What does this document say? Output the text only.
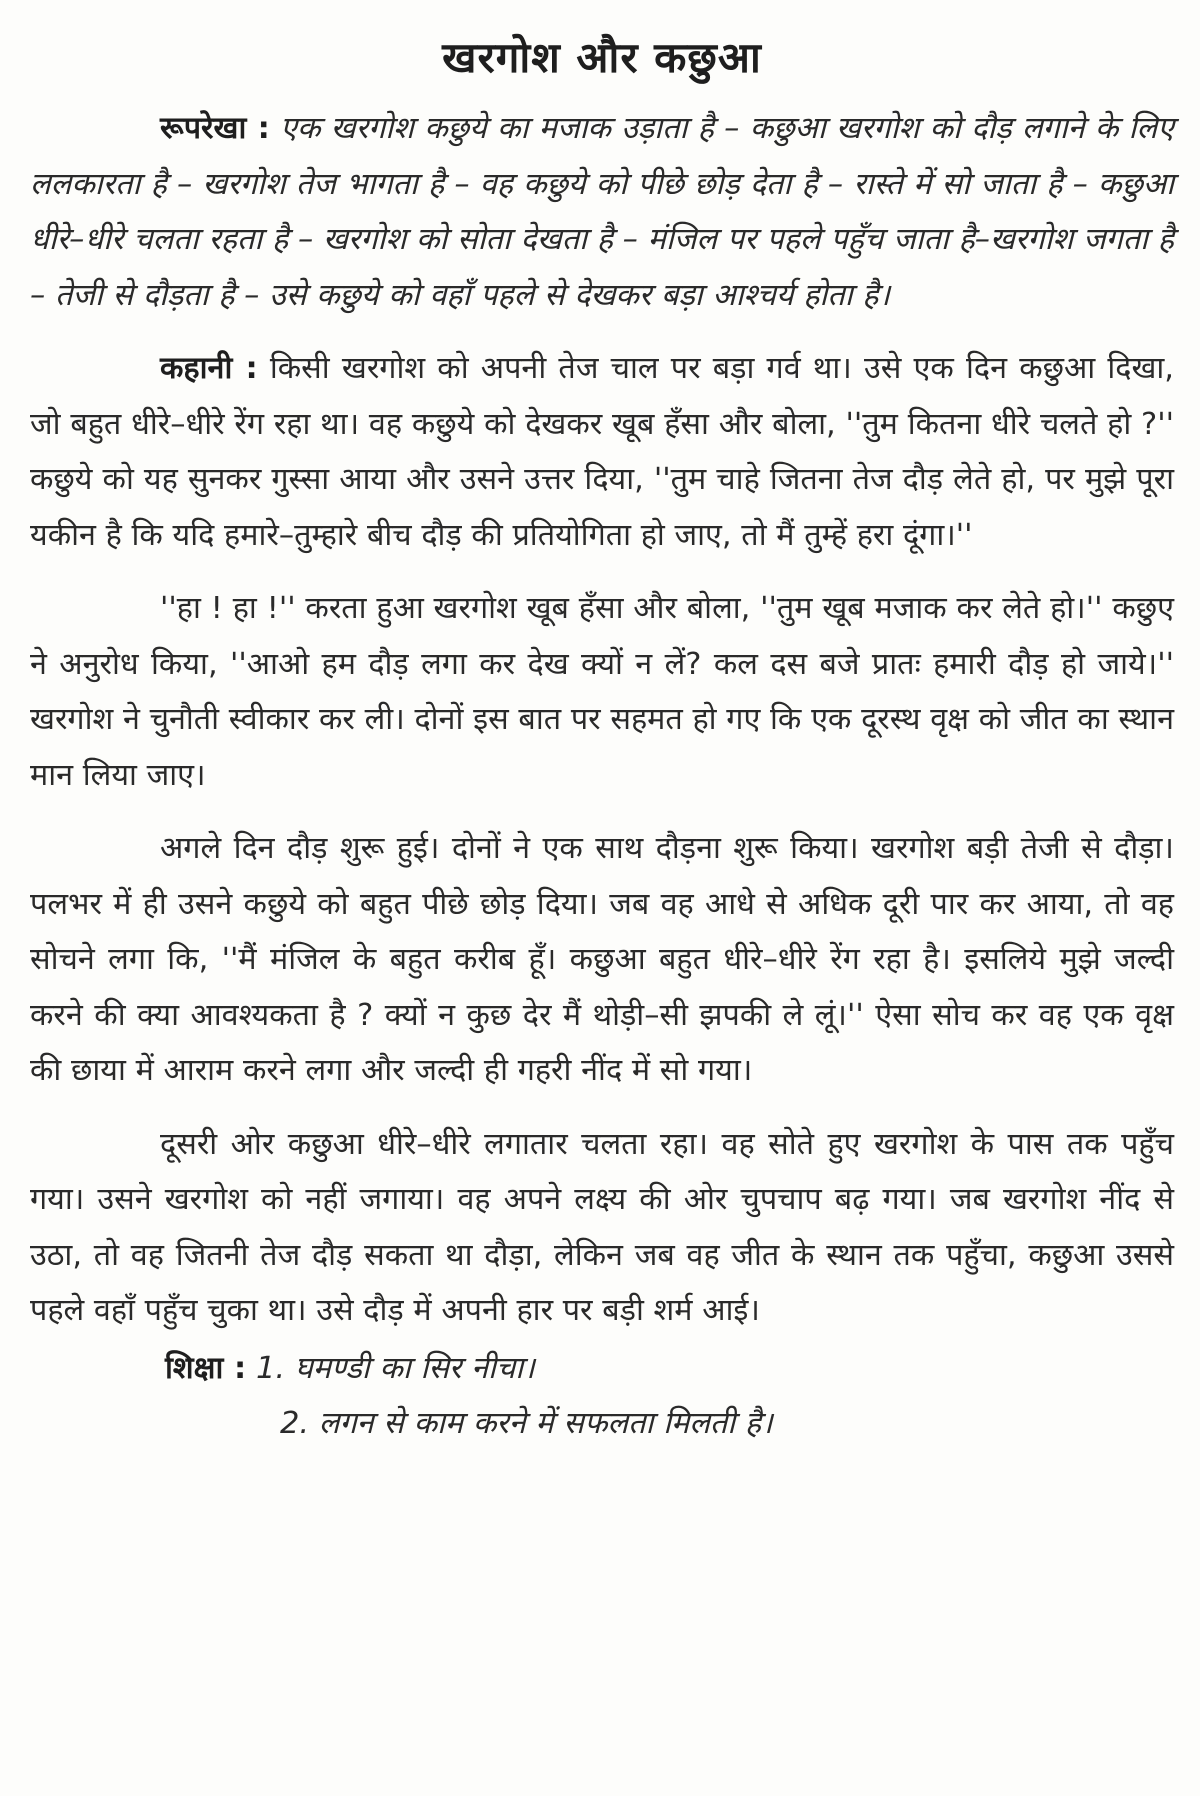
खरगोश और कछुआ

रूपरेखा : एक खरगोश कछुये का मजाक उड़ाता है – कछुआ खरगोश को दौड़ लगाने के लिए ललकारता है – खरगोश तेज भागता है – वह कछुये को पीछे छोड़ देता है – रास्ते में सो जाता है – कछुआ धीरे–धीरे चलता रहता है – खरगोश को सोता देखता है – मंजिल पर पहले पहुँच जाता है–खरगोश जगता है – तेजी से दौड़ता है – उसे कछुये को वहाँ पहले से देखकर बड़ा आश्चर्य होता है।

कहानी : किसी खरगोश को अपनी तेज चाल पर बड़ा गर्व था। उसे एक दिन कछुआ दिखा, जो बहुत धीरे–धीरे रेंग रहा था। वह कछुये को देखकर खूब हँसा और बोला, ''तुम कितना धीरे चलते हो ?'' कछुये को यह सुनकर गुस्सा आया और उसने उत्तर दिया, ''तुम चाहे जितना तेज दौड़ लेते हो, पर मुझे पूरा यकीन है कि यदि हमारे–तुम्हारे बीच दौड़ की प्रतियोगिता हो जाए, तो मैं तुम्हें हरा दूंगा।''

''हा ! हा !'' करता हुआ खरगोश खूब हँसा और बोला, ''तुम खूब मजाक कर लेते हो।'' कछुए ने अनुरोध किया, ''आओ हम दौड़ लगा कर देख क्यों न लें? कल दस बजे प्रातः हमारी दौड़ हो जाये।'' खरगोश ने चुनौती स्वीकार कर ली। दोनों इस बात पर सहमत हो गए कि एक दूरस्थ वृक्ष को जीत का स्थान मान लिया जाए।

अगले दिन दौड़ शुरू हुई। दोनों ने एक साथ दौड़ना शुरू किया। खरगोश बड़ी तेजी से दौड़ा। पलभर में ही उसने कछुये को बहुत पीछे छोड़ दिया। जब वह आधे से अधिक दूरी पार कर आया, तो वह सोचने लगा कि, ''मैं मंजिल के बहुत करीब हूँ। कछुआ बहुत धीरे–धीरे रेंग रहा है। इसलिये मुझे जल्दी करने की क्या आवश्यकता है ? क्यों न कुछ देर मैं थोड़ी–सी झपकी ले लूं।'' ऐसा सोच कर वह एक वृक्ष की छाया में आराम करने लगा और जल्दी ही गहरी नींद में सो गया।

दूसरी ओर कछुआ धीरे–धीरे लगातार चलता रहा। वह सोते हुए खरगोश के पास तक पहुँच गया। उसने खरगोश को नहीं जगाया। वह अपने लक्ष्य की ओर चुपचाप बढ़ गया। जब खरगोश नींद से उठा, तो वह जितनी तेज दौड़ सकता था दौड़ा, लेकिन जब वह जीत के स्थान तक पहुँचा, कछुआ उससे पहले वहाँ पहुँच चुका था। उसे दौड़ में अपनी हार पर बड़ी शर्म आई।

शिक्षा : 1. घमण्डी का सिर नीचा।
2. लगन से काम करने में सफलता मिलती है।
